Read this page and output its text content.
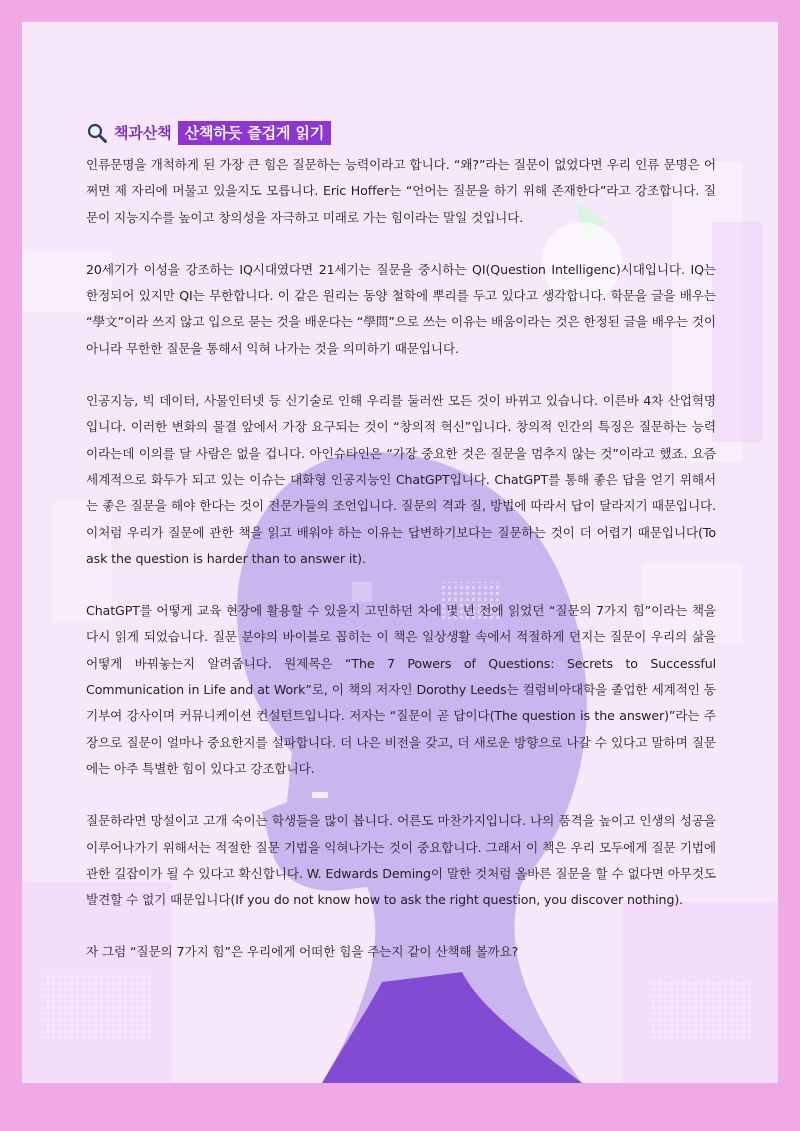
책과산책 산책하듯 즐겁게 읽기

인류문명을 개척하게 된 가장 큰 힘은 질문하는 능력이라고 합니다. “왜?”라는 질문이 없었다면 우리 인류 문명은 어쩌면 제 자리에 머물고 있을지도 모릅니다. Eric Hoffer는 “언어는 질문을 하기 위해 존재한다”라고 강조합니다. 질문이 지능지수를 높이고 창의성을 자극하고 미래로 가는 힘이라는 말일 것입니다.

20세기가 이성을 강조하는 IQ시대였다면 21세기는 질문을 중시하는 QI(Question Intelligenc)시대입니다. IQ는 한정되어 있지만 QI는 무한합니다. 이 같은 원리는 동양 철학에 뿌리를 두고 있다고 생각합니다. 학문을 글을 배우는 “學文”이라 쓰지 않고 입으로 묻는 것을 배운다는 “學問”으로 쓰는 이유는 배움이라는 것은 한정된 글을 배우는 것이 아니라 무한한 질문을 통해서 익혀 나가는 것을 의미하기 때문입니다.

인공지능, 빅 데이터, 사물인터넷 등 신기술로 인해 우리를 둘러싼 모든 것이 바뀌고 있습니다. 이른바 4차 산업혁명입니다. 이러한 변화의 물결 앞에서 가장 요구되는 것이 “창의적 혁신”입니다. 창의적 인간의 특징은 질문하는 능력이라는데 이의를 달 사람은 없을 겁니다. 아인슈타인은 “가장 중요한 것은 질문을 멈추지 않는 것”이라고 했죠. 요즘 세계적으로 화두가 되고 있는 이슈는 대화형 인공지능인 ChatGPT입니다. ChatGPT를 통해 좋은 답을 얻기 위해서는 좋은 질문을 해야 한다는 것이 전문가들의 조언입니다. 질문의 격과 질, 방법에 따라서 답이 달라지기 때문입니다. 이처럼 우리가 질문에 관한 책을 읽고 배워야 하는 이유는 답변하기보다는 질문하는 것이 더 어렵기 때문입니다(To ask the question is harder than to answer it).

ChatGPT를 어떻게 교육 현장에 활용할 수 있을지 고민하던 차에 몇 년 전에 읽었던 “질문의 7가지 힘”이라는 책을 다시 읽게 되었습니다. 질문 분야의 바이블로 꼽히는 이 책은 일상생활 속에서 적절하게 던지는 질문이 우리의 삶을 어떻게 바꿔놓는지 알려줍니다. 원제목은 “The 7 Powers of Questions: Secrets to Successful Communication in Life and at Work”로, 이 책의 저자인 Dorothy Leeds는 컬럼비아대학을 졸업한 세계적인 동기부여 강사이며 커뮤니케이션 컨설턴트입니다. 저자는 “질문이 곧 답이다(The question is the answer)”라는 주장으로 질문이 얼마나 중요한지를 설파합니다. 더 나은 비전을 갖고, 더 새로운 방향으로 나갈 수 있다고 말하며 질문에는 아주 특별한 힘이 있다고 강조합니다.

질문하라면 망설이고 고개 숙이는 학생들을 많이 봅니다. 어른도 마찬가지입니다. 나의 품격을 높이고 인생의 성공을 이루어나가기 위해서는 적절한 질문 기법을 익혀나가는 것이 중요합니다. 그래서 이 책은 우리 모두에게 질문 기법에 관한 길잡이가 될 수 있다고 확신합니다. W. Edwards Deming이 말한 것처럼 올바른 질문을 할 수 없다면 아무것도 발견할 수 없기 때문입니다(If you do not know how to ask the right question, you discover nothing).

자 그럼 “질문의 7가지 힘”은 우리에게 어떠한 힘을 주는지 같이 산책해 볼까요?
